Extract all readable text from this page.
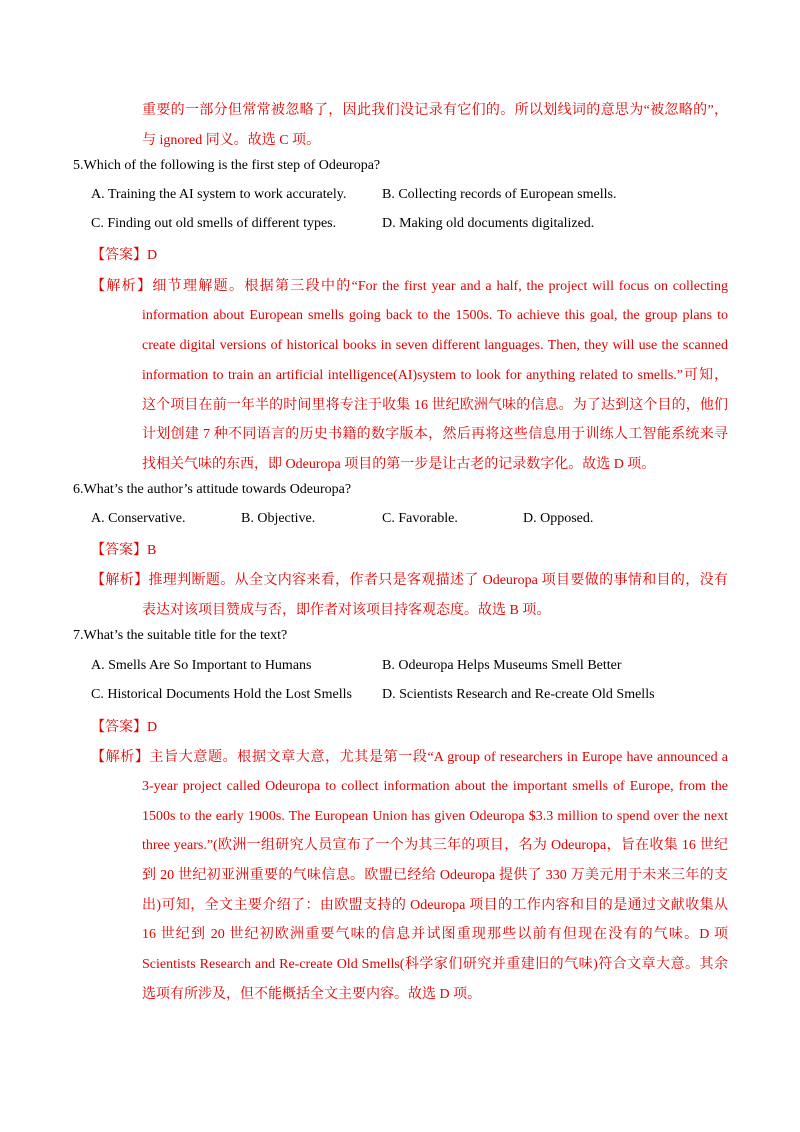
重要的一部分但常常被忽略了，因此我们没记录有它们的。所以划线词的意思为“被忽略的”，
与 ignored 同义。故选 C 项。
5.Which of the following is the first step of Odeuropa?
A. Training the AI system to work accurately.	B. Collecting records of European smells.
C. Finding out old smells of different types.	D. Making old documents digitalized.
【答案】D
【解析】细节理解题。根据第三段中的“For the first year and a half, the project will focus on collecting
information about European smells going back to the 1500s. To achieve this goal, the group plans to
create digital versions of historical books in seven different languages. Then, they will use the scanned
information to train an artificial intelligence(AI)system to look for anything related to smells.”可知，
这个项目在前一年半的时间里将专注于收集 16 世纪欧洲气味的信息。为了达到这个目的，他们
计划创建 7 种不同语言的历史书籍的数字版本，然后再将这些信息用于训练人工智能系统来寻
找相关气味的东西，即 Odeuropa 项目的第一步是让古老的记录数字化。故选 D 项。
6.What’s the author’s attitude towards Odeuropa?
A. Conservative.	B. Objective.	C. Favorable.	D. Opposed.
【答案】B
【解析】推理判断题。从全文内容来看，作者只是客观描述了 Odeuropa 项目要做的事情和目的，没有
表达对该项目赞成与否，即作者对该项目持客观态度。故选 B 项。
7.What’s the suitable title for the text?
A. Smells Are So Important to Humans	B. Odeuropa Helps Museums Smell Better
C. Historical Documents Hold the Lost Smells D. Scientists Research and Re-create Old Smells
【答案】D
【解析】主旨大意题。根据文章大意，尤其是第一段“A group of researchers in Europe have announced a
3-year project called Odeuropa to collect information about the important smells of Europe, from the
1500s to the early 1900s. The European Union has given Odeuropa $3.3 million to spend over the next
three years.”(欧洲一组研究人员宣布了一个为其三年的项目，名为 Odeuropa，旨在收集 16 世纪
到 20 世纪初亚洲重要的气味信息。欧盟已经给 Odeuropa 提供了 330 万美元用于未来三年的支
出)可知，全文主要介绍了：由欧盟支持的 Odeuropa 项目的工作内容和目的是通过文献收集从
16 世纪到 20 世纪初欧洲重要气味的信息并试图重现那些以前有但现在没有的气味。D 项
Scientists Research and Re-create Old Smells(科学家们研究并重建旧的气味)符合文章大意。其余
选项有所涉及，但不能概括全文主要内容。故选 D 项。
